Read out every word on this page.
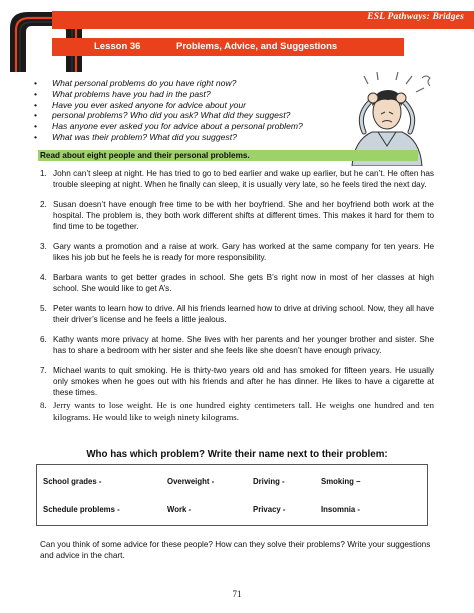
ESL Pathways: Bridges
Lesson 36	Problems, Advice, and Suggestions
• What personal problems do you have right now?
• What problems have you had in the past?
• Have you ever asked anyone for advice about your
• personal problems? Who did you ask? What did they suggest?
• Has anyone ever asked you for advice about a personal problem?
• What was their problem? What did you suggest?
Read about eight people and their personal problems.
1. John can’t sleep at night. He has tried to go to bed earlier and wake up earlier, but he can’t. He often has trouble sleeping at night. When he finally can sleep, it is usually very late, so he feels tired the next day.
2. Susan doesn’t have enough free time to be with her boyfriend. She and her boyfriend both work at the hospital. The problem is, they both work different shifts at different times. This makes it hard for them to find time to be together.
3. Gary wants a promotion and a raise at work. Gary has worked at the same company for ten years. He likes his job but he feels he is ready for more responsibility.
4. Barbara wants to get better grades in school. She gets B’s right now in most of her classes at high school. She would like to get A’s.
5. Peter wants to learn how to drive. All his friends learned how to drive at driving school. Now, they all have their driver’s license and he feels a little jealous.
6. Kathy wants more privacy at home. She lives with her parents and her younger brother and sister. She has to share a bedroom with her sister and she feels like she doesn’t have enough privacy.
7. Michael wants to quit smoking. He is thirty-two years old and has smoked for fifteen years. He usually only smokes when he goes out with his friends and after he has dinner. He likes to have a cigarette at these times.
8. Jerry wants to lose weight. He is one hundred eighty centimeters tall. He weighs one hundred and ten kilograms. He would like to weigh ninety kilograms.
Who has which problem? Write their name next to their problem:
School grades -	Overweight -	Driving -	Smoking –
Schedule problems -	Work -	Privacy -	Insomnia -
Can you think of some advice for these people? How can they solve their problems? Write your suggestions and advice in the chart.
71
